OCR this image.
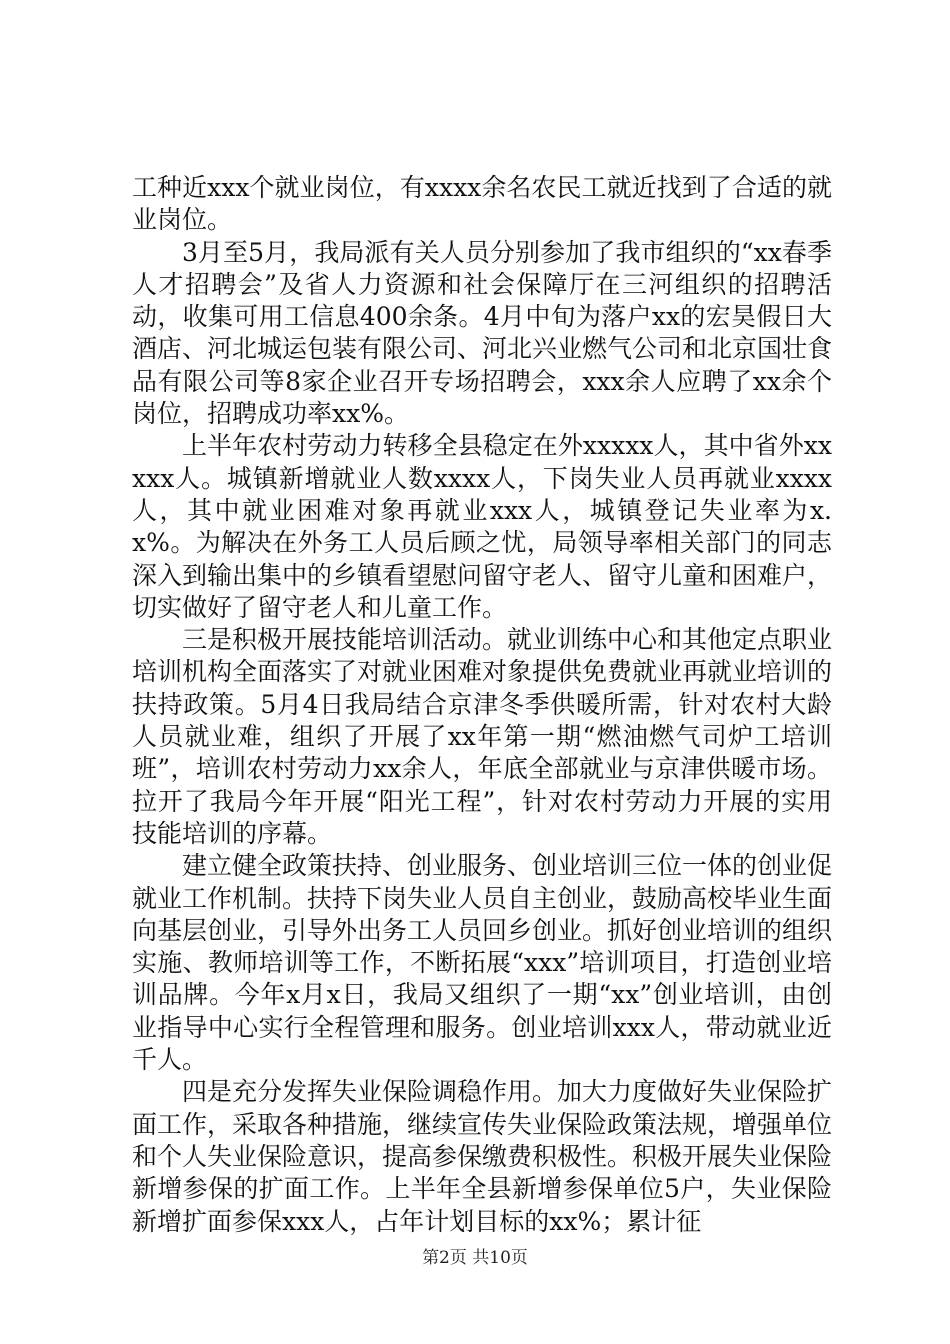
工种近xxx个就业岗位，有xxxx余名农民工就近找到了合适的就业岗位。

3月至5月，我局派有关人员分别参加了我市组织的“xx春季人才招聘会”及省人力资源和社会保障厅在三河组织的招聘活动，收集可用工信息400余条。4月中旬为落户xx的宏昊假日大酒店、河北城运包装有限公司、河北兴业燃气公司和北京国壮食品有限公司等8家企业召开专场招聘会，xxx余人应聘了xx余个岗位，招聘成功率xx%。

上半年农村劳动力转移全县稳定在外xxxxx人，其中省外xxxxx人。城镇新增就业人数xxxx人，下岗失业人员再就业xxxx人，其中就业困难对象再就业xxx人，城镇登记失业率为x.x%。为解决在外务工人员后顾之忧，局领导率相关部门的同志深入到输出集中的乡镇看望慰问留守老人、留守儿童和困难户，切实做好了留守老人和儿童工作。

三是积极开展技能培训活动。就业训练中心和其他定点职业培训机构全面落实了对就业困难对象提供免费就业再就业培训的扶持政策。5月4日我局结合京津冬季供暖所需，针对农村大龄人员就业难，组织了开展了xx年第一期“燃油燃气司炉工培训班”，培训农村劳动力xx余人，年底全部就业与京津供暖市场。拉开了我局今年开展“阳光工程”，针对农村劳动力开展的实用技能培训的序幕。

建立健全政策扶持、创业服务、创业培训三位一体的创业促就业工作机制。扶持下岗失业人员自主创业，鼓励高校毕业生面向基层创业，引导外出务工人员回乡创业。抓好创业培训的组织实施、教师培训等工作，不断拓展“xxx”培训项目，打造创业培训品牌。今年x月x日，我局又组织了一期“xx”创业培训，由创业指导中心实行全程管理和服务。创业培训xxx人，带动就业近千人。

四是充分发挥失业保险调稳作用。加大力度做好失业保险扩面工作，采取各种措施，继续宣传失业保险政策法规，增强单位和个人失业保险意识，提高参保缴费积极性。积极开展失业保险新增参保的扩面工作。上半年全县新增参保单位5户，失业保险新增扩面参保xxx人，占年计划目标的xx%；累计征

第2页 共10页
